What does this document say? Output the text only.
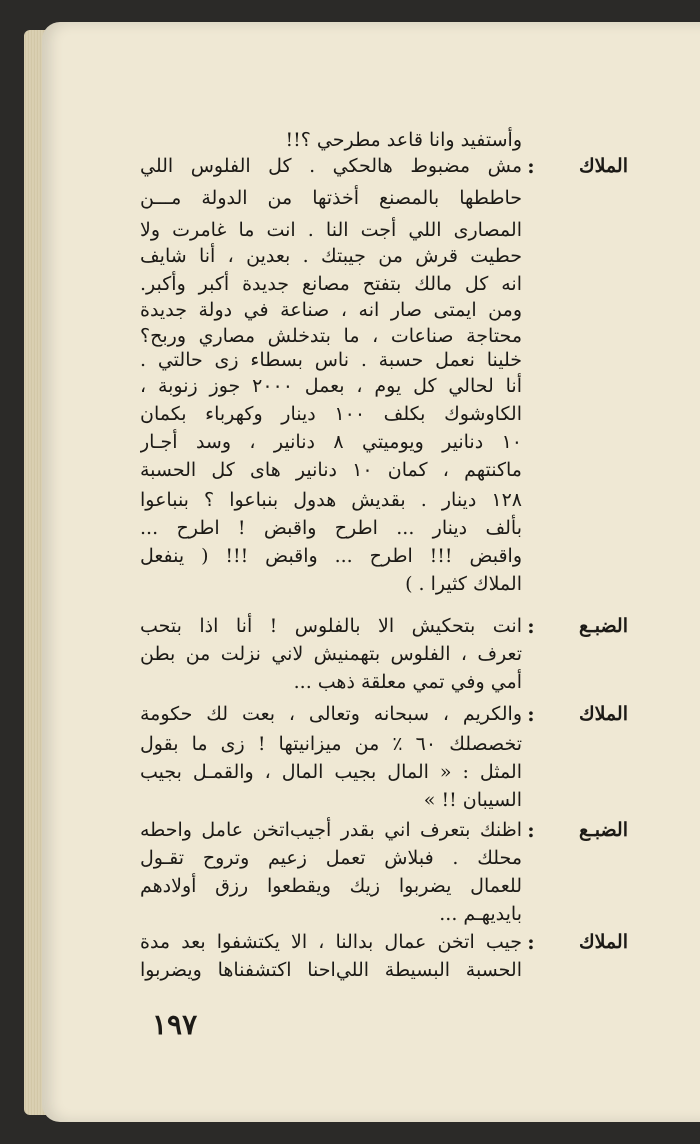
وأستفيد وانا قاعد مطرحي ؟!!
الملاك
:
مش مضبوط هالحكي . كل الفلوس اللي
حاططها بالمصنع أخذتها من الدولة مـــن
المصارى اللي أجت النا . انت ما غامرت ولا
حطيت قرش من جيبتك . بعدين ، أنا شايف
انه كل مالك بتفتح مصانع جديدة أكبر وأكبر.
ومن ايمتى صار انه ، صناعة في دولة جديدة
محتاجة صناعات ، ما بتدخلش مصاري وربح؟
خلينا نعمل حسبة . ناس بسطاء زى حالتي .
أنا لحالي كل يوم ، بعمل ٢٠٠٠ جوز زنوبة ،
الكاوشوك بكلف ١٠٠ دينار وكهرباء بكمان
١٠ دنانير ويوميتي ٨ دنانير ، وسد أجـار
ماكنتهم ، كمان ١٠ دنانير هاى كل الحسبة
١٢٨ دينار . بقديش هدول بنباعوا ؟ بنباعوا
بألف دينار ... اطرح واقبض ! اطرح ...
واقبض !!! اطرح ... واقبض !!! ( ينفعل
الملاك كثيرا . )
الضبـع
:
انت بتحكيش الا بالفلوس ! أنا اذا بتحب
تعرف ، الفلوس بتهمنيش لاني نزلت من بطن
أمي وفي تمي معلقة ذهب ...
الملاك
:
والكريم ، سبحانه وتعالى ، بعت لك حكومة
تخصصلك ٦٠ ٪ من ميزانيتها ! زى ما بقول
المثل : « المال بجيب المال ، والقمـل بجيب
السيبان !! »
الضبـع
:
اظنك بتعرف اني بقدر أجيب‌اتخن عامل واحطه
محلك . فبلاش تعمل زعيم وتروح تقـول
للعمال يضربوا زيك ويقطعوا رزق أولادهم
بايديهـم ...
الملاك
:
جيب اتخن عمال بدالنا ، الا يكتشفوا بعد مدة
الحسبة البسيطة اللي‌احنا اكتشفناها ويضربوا

١٩٧
